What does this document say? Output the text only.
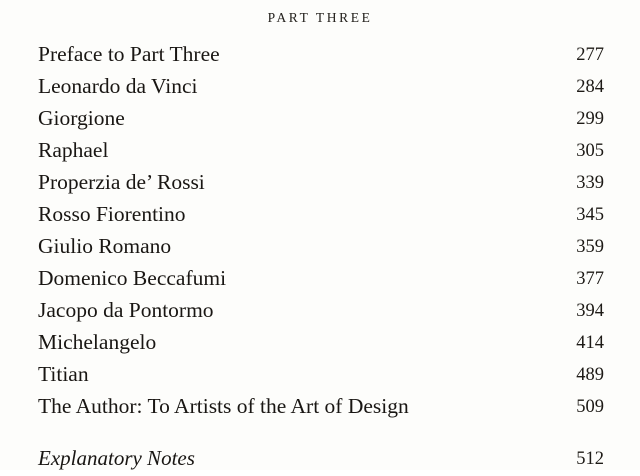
PART THREE
Preface to Part Three	277
Leonardo da Vinci	284
Giorgione	299
Raphael	305
Properzia de’ Rossi	339
Rosso Fiorentino	345
Giulio Romano	359
Domenico Beccafumi	377
Jacopo da Pontormo	394
Michelangelo	414
Titian	489
The Author: To Artists of the Art of Design	509
Explanatory Notes	512
